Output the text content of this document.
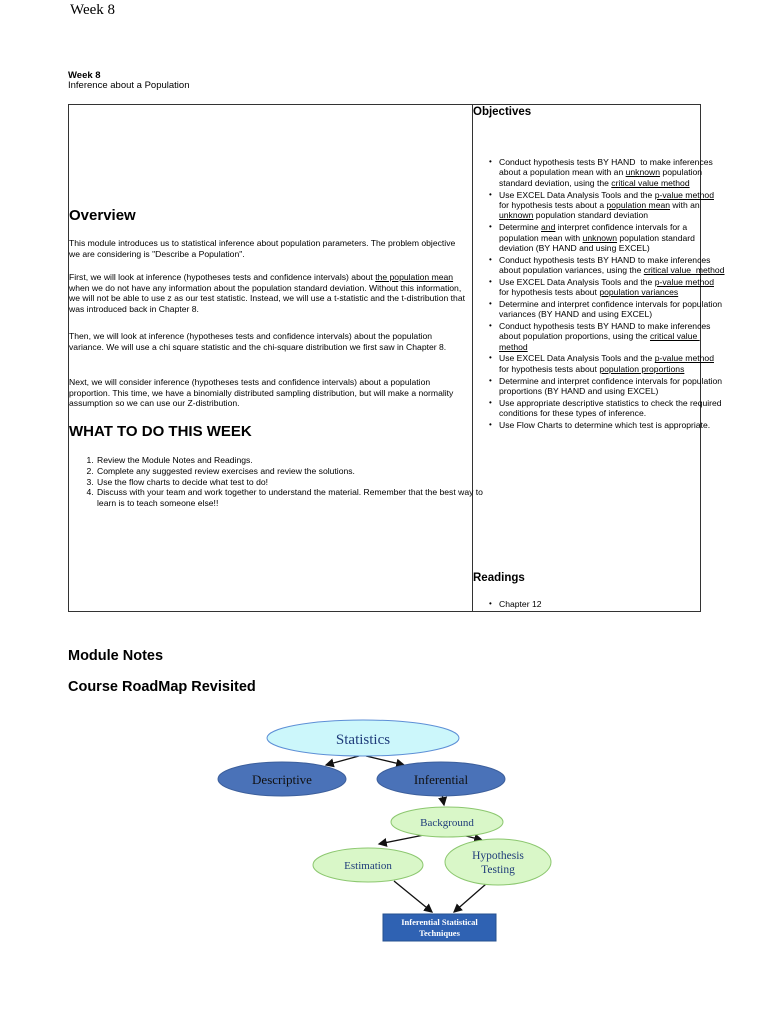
Week 8
Week 8
Inference about a Population
Overview
This module introduces us to statistical inference about population parameters. The problem objective we are considering is "Describe a Population".
First, we will look at inference (hypotheses tests and confidence intervals) about the population mean when we do not have any information about the population standard deviation. Without this information, we will not be able to use z as our test statistic. Instead, we will use a t-statistic and the t-distribution that was introduced back in Chapter 8.
Then, we will look at inference (hypotheses tests and confidence intervals) about the population variance. We will use a chi square statistic and the chi-square distribution we first saw in Chapter 8.
Next, we will consider inference (hypotheses tests and confidence intervals) about a population proportion. This time, we have a binomially distributed sampling distribution, but will make a normality assumption so we can use our Z-distribution.
WHAT TO DO THIS WEEK
1. Review the Module Notes and Readings.
2. Complete any suggested review exercises and review the solutions.
3. Use the flow charts to decide what test to do!
4. Discuss with your team and work together to understand the material. Remember that the best way to learn is to teach someone else!!
Objectives
• Conduct hypothesis tests BY HAND  to make inferences about a population mean with an unknown population standard deviation, using the critical value method
• Use EXCEL Data Analysis Tools and the p-value method for hypothesis tests about a population mean with an unknown population standard deviation
• Determine and interpret confidence intervals for a population mean with unknown population standard deviation (BY HAND and using EXCEL)
• Conduct hypothesis tests BY HAND to make inferences about population variances, using the critical value  method
• Use EXCEL Data Analysis Tools and the p-value method for hypothesis tests about population variances
• Determine and interpret confidence intervals for population variances (BY HAND and using EXCEL)
• Conduct hypothesis tests BY HAND to make inferences about population proportions, using the critical value  method
• Use EXCEL Data Analysis Tools and the p-value method for hypothesis tests about population proportions
• Determine and interpret confidence intervals for population proportions (BY HAND and using EXCEL)
• Use appropriate descriptive statistics to check the required conditions for these types of inference.
• Use Flow Charts to determine which test is appropriate.
Readings
• Chapter 12
Module Notes
Course RoadMap Revisited
Statistics
Descriptive	Inferential
Background
Estimation
Hypothesis
Testing
Inferential Statistical
Techniques
